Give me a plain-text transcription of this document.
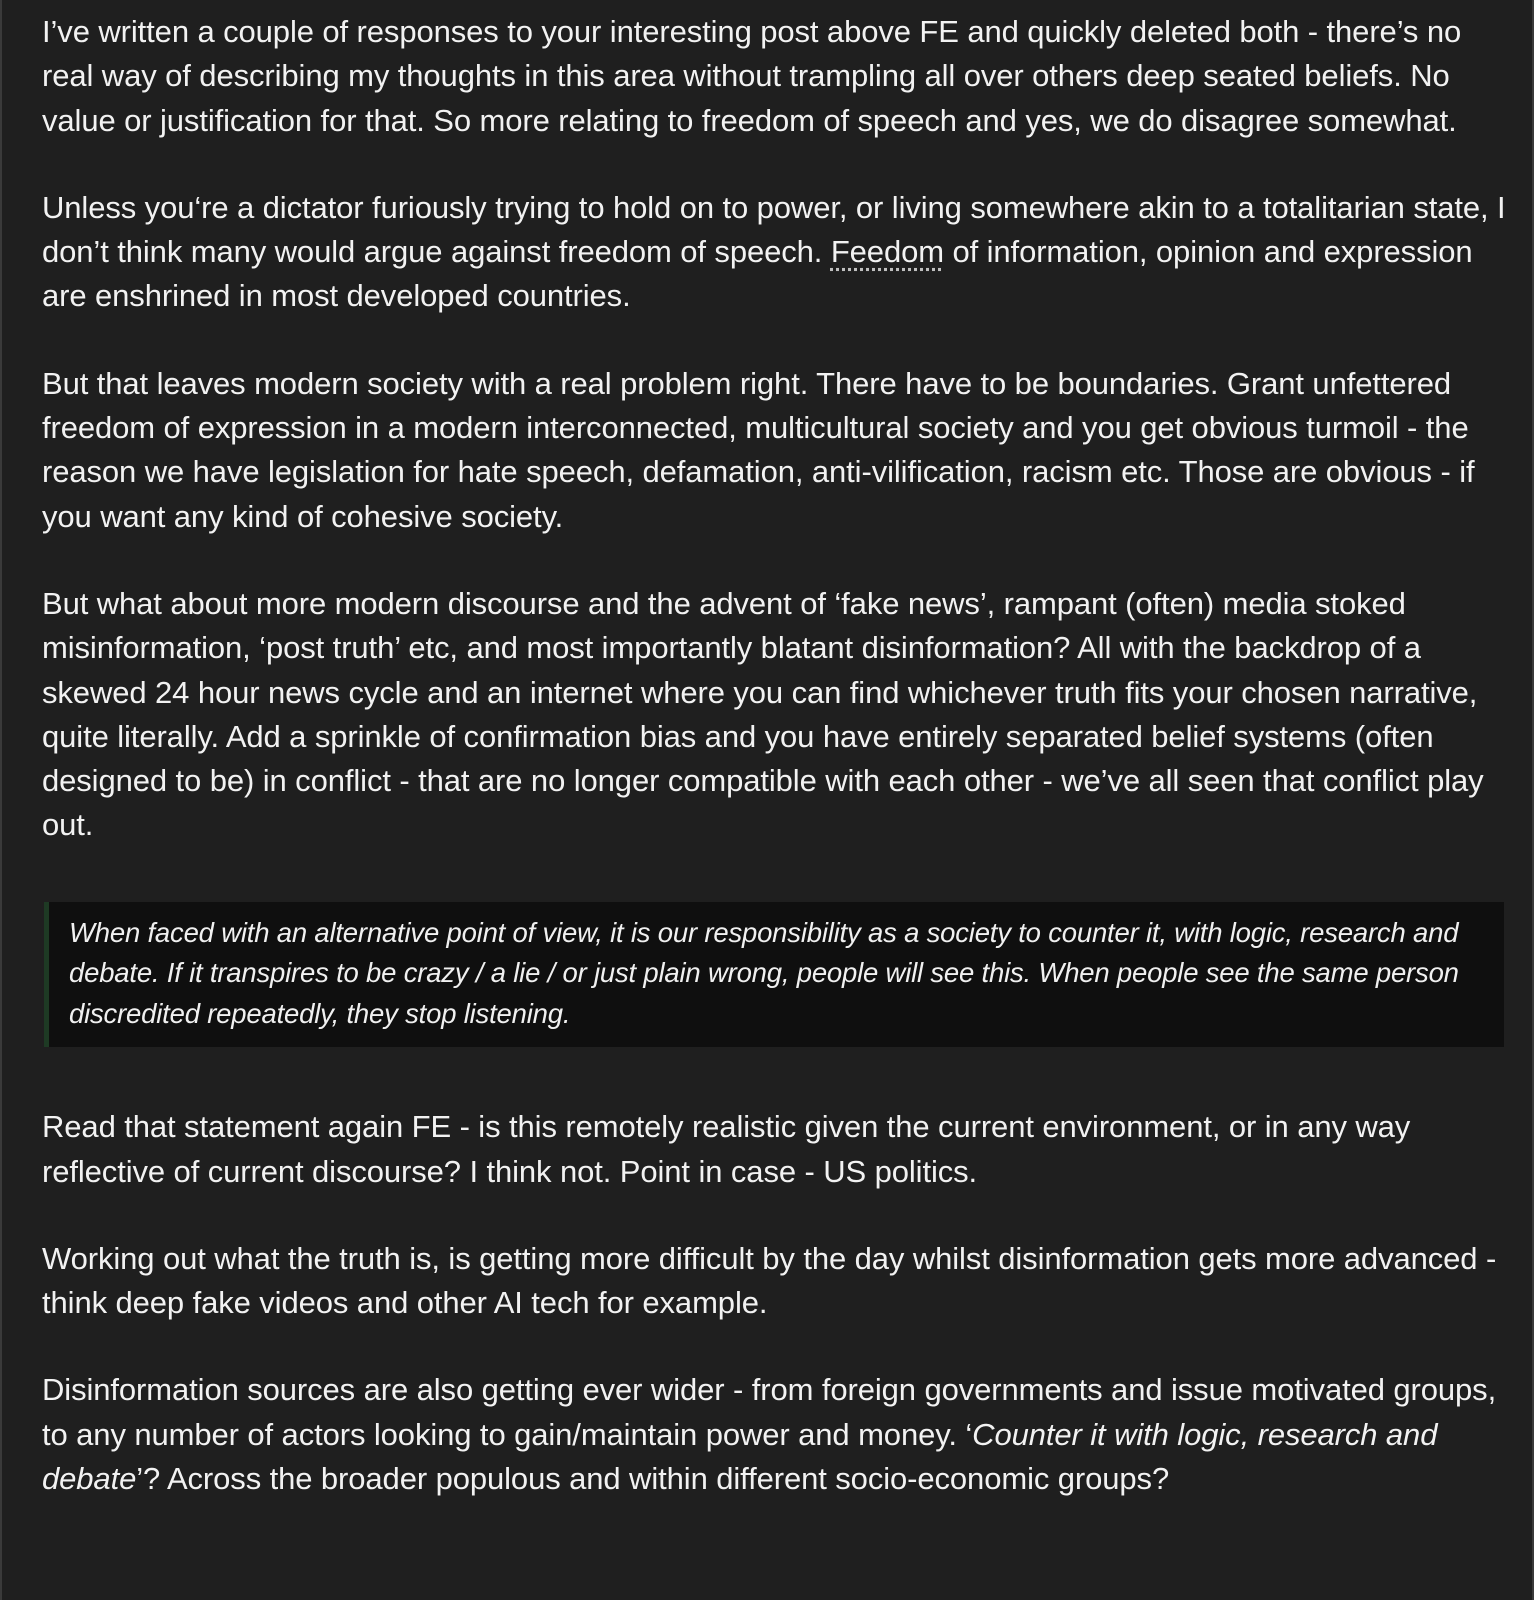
I’ve written a couple of responses to your interesting post above FE and quickly deleted both - there’s no real way of describing my thoughts in this area without trampling all over others deep seated beliefs. No value or justification for that. So more relating to freedom of speech and yes, we do disagree somewhat.

Unless you‘re a dictator furiously trying to hold on to power, or living somewhere akin to a totalitarian state, I don’t think many would argue against freedom of speech. Feedom of information, opinion and expression are enshrined in most developed countries.

But that leaves modern society with a real problem right. There have to be boundaries. Grant unfettered freedom of expression in a modern interconnected, multicultural society and you get obvious turmoil - the reason we have legislation for hate speech, defamation, anti-vilification, racism etc. Those are obvious - if you want any kind of cohesive society.

But what about more modern discourse and the advent of ‘fake news’, rampant (often) media stoked misinformation, ‘post truth’ etc, and most importantly blatant disinformation? All with the backdrop of a skewed 24 hour news cycle and an internet where you can find whichever truth fits your chosen narrative, quite literally. Add a sprinkle of confirmation bias and you have entirely separated belief systems (often designed to be) in conflict - that are no longer compatible with each other - we’ve all seen that conflict play out.

When faced with an alternative point of view, it is our responsibility as a society to counter it, with logic, research and debate. If it transpires to be crazy / a lie / or just plain wrong, people will see this. When people see the same person discredited repeatedly, they stop listening.

Read that statement again FE - is this remotely realistic given the current environment, or in any way reflective of current discourse? I think not. Point in case - US politics.

Working out what the truth is, is getting more difficult by the day whilst disinformation gets more advanced - think deep fake videos and other AI tech for example.

Disinformation sources are also getting ever wider - from foreign governments and issue motivated groups, to any number of actors looking to gain/maintain power and money. ‘Counter it with logic, research and debate’? Across the broader populous and within different socio-economic groups?
